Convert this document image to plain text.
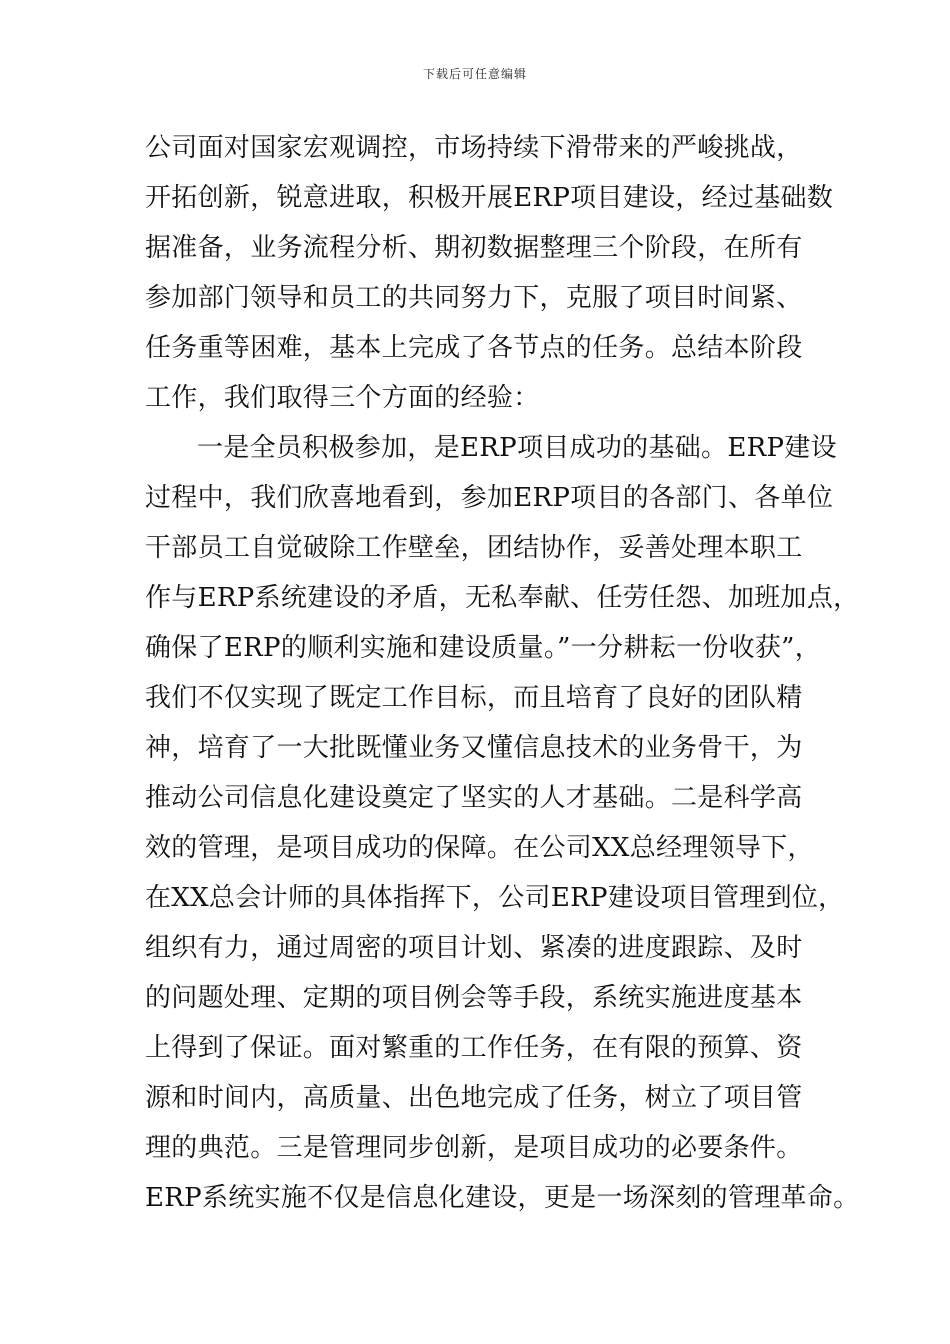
下载后可任意编辑
公司面对国家宏观调控，市场持续下滑带来的严峻挑战，
开拓创新，锐意进取，积极开展ERP项目建设，经过基础数
据准备，业务流程分析、期初数据整理三个阶段，在所有
参加部门领导和员工的共同努力下，克服了项目时间紧、
任务重等困难，基本上完成了各节点的任务。总结本阶段
工作，我们取得三个方面的经验：
一是全员积极参加，是ERP项目成功的基础。ERP建设
过程中，我们欣喜地看到，参加ERP项目的各部门、各单位
干部员工自觉破除工作壁垒，团结协作，妥善处理本职工
作与ERP系统建设的矛盾，无私奉献、任劳任怨、加班加点，
确保了ERP的顺利实施和建设质量。”一分耕耘一份收获”，
我们不仅实现了既定工作目标，而且培育了良好的团队精
神，培育了一大批既懂业务又懂信息技术的业务骨干，为
推动公司信息化建设奠定了坚实的人才基础。二是科学高
效的管理，是项目成功的保障。在公司XX总经理领导下，
在XX总会计师的具体指挥下，公司ERP建设项目管理到位，
组织有力，通过周密的项目计划、紧凑的进度跟踪、及时
的问题处理、定期的项目例会等手段，系统实施进度基本
上得到了保证。面对繁重的工作任务，在有限的预算、资
源和时间内，高质量、出色地完成了任务，树立了项目管
理的典范。三是管理同步创新，是项目成功的必要条件。
ERP系统实施不仅是信息化建设，更是一场深刻的管理革命。
